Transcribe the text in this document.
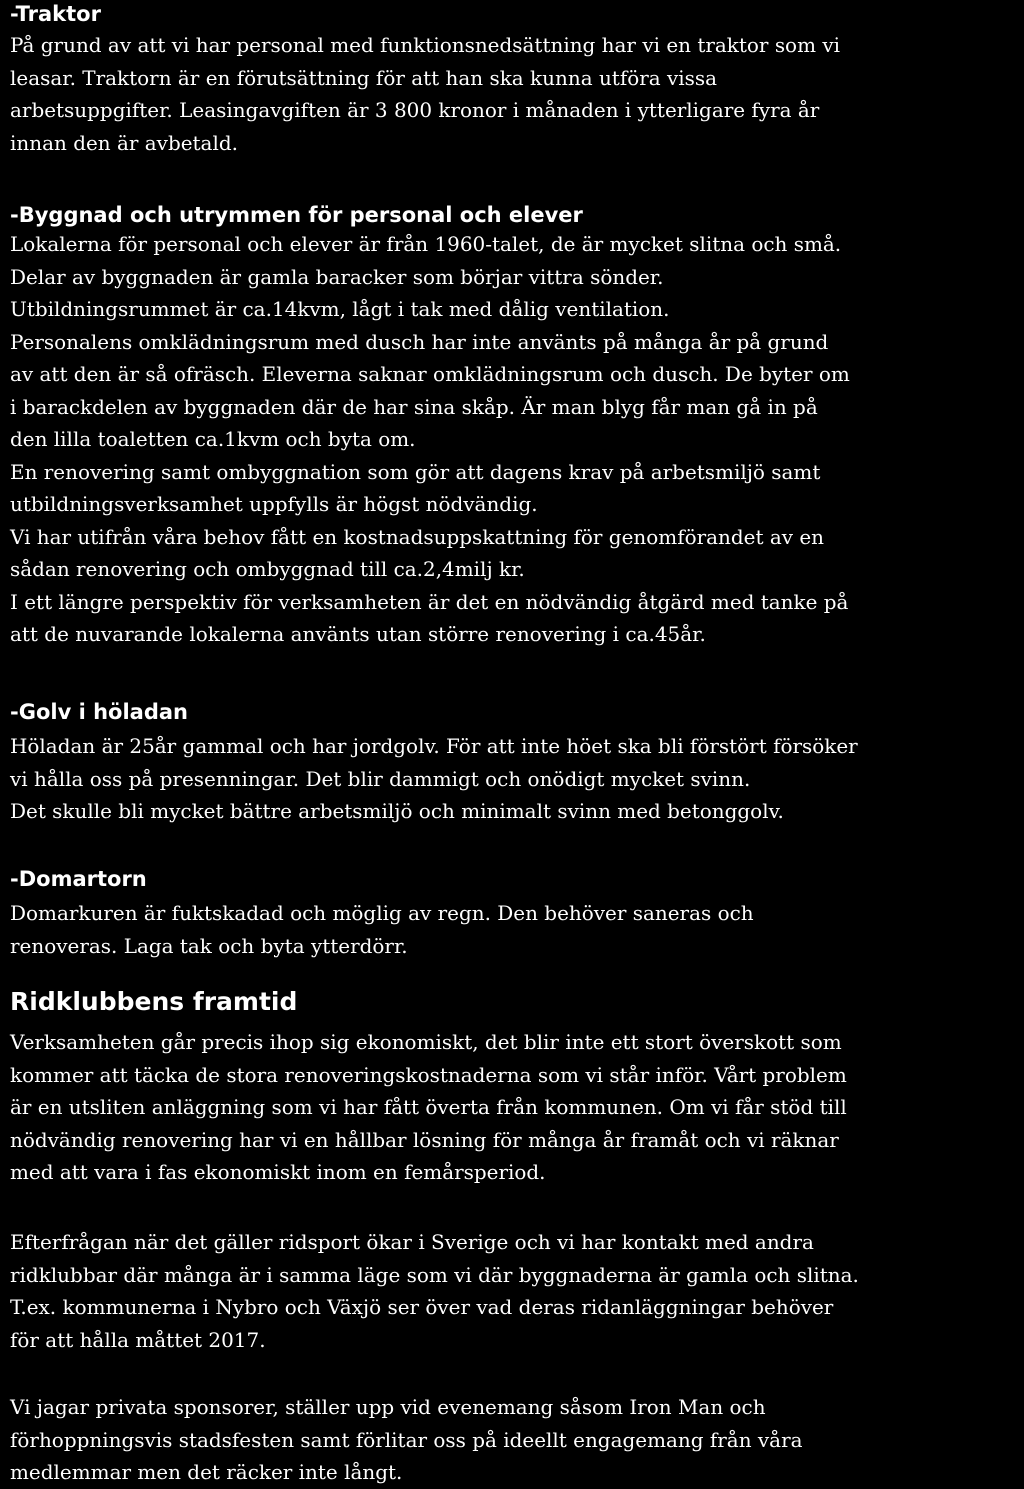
-Traktor
På grund av att vi har personal med funktionsnedsättning har vi en traktor som vi
leasar. Traktorn är en förutsättning för att han ska kunna utföra vissa
arbetsuppgifter. Leasingavgiften är 3 800 kronor i månaden i ytterligare fyra år
innan den är avbetald.
-Byggnad och utrymmen för personal och elever
Lokalerna för personal och elever är från 1960-talet, de är mycket slitna och små.
Delar av byggnaden är gamla baracker som börjar vittra sönder.
Utbildningsrummet är ca.14kvm, lågt i tak med dålig ventilation.
Personalens omklädningsrum med dusch har inte använts på många år på grund
av att den är så ofräsch. Eleverna saknar omklädningsrum och dusch. De byter om
i barackdelen av byggnaden där de har sina skåp. Är man blyg får man gå in på
den lilla toaletten ca.1kvm och byta om.
En renovering samt ombyggnation som gör att dagens krav på arbetsmiljö samt
utbildningsverksamhet uppfylls är högst nödvändig.
Vi har utifrån våra behov fått en kostnadsuppskattning för genomförandet av en
sådan renovering och ombyggnad till ca.2,4milj kr.
I ett längre perspektiv för verksamheten är det en nödvändig åtgärd med tanke på
att de nuvarande lokalerna använts utan större renovering i ca.45år.
-Golv i höladan
Höladan är 25år gammal och har jordgolv. För att inte höet ska bli förstört försöker
vi hålla oss på presenningar. Det blir dammigt och onödigt mycket svinn.
Det skulle bli mycket bättre arbetsmiljö och minimalt svinn med betonggolv.
-Domartorn
Domarkuren är fuktskadad och möglig av regn. Den behöver saneras och
renoveras. Laga tak och byta ytterdörr.
Ridklubbens framtid
Verksamheten går precis ihop sig ekonomiskt, det blir inte ett stort överskott som
kommer att täcka de stora renoveringskostnaderna som vi står inför. Vårt problem
är en utsliten anläggning som vi har fått överta från kommunen. Om vi får stöd till
nödvändig renovering har vi en hållbar lösning för många år framåt och vi räknar
med att vara i fas ekonomiskt inom en femårsperiod.
Efterfrågan när det gäller ridsport ökar i Sverige och vi har kontakt med andra
ridklubbar där många är i samma läge som vi där byggnaderna är gamla och slitna.
T.ex. kommunerna i Nybro och Växjö ser över vad deras ridanläggningar behöver
för att hålla måttet 2017.
Vi jagar privata sponsorer, ställer upp vid evenemang såsom Iron Man och
förhoppningsvis stadsfesten samt förlitar oss på ideellt engagemang från våra
medlemmar men det räcker inte långt.
